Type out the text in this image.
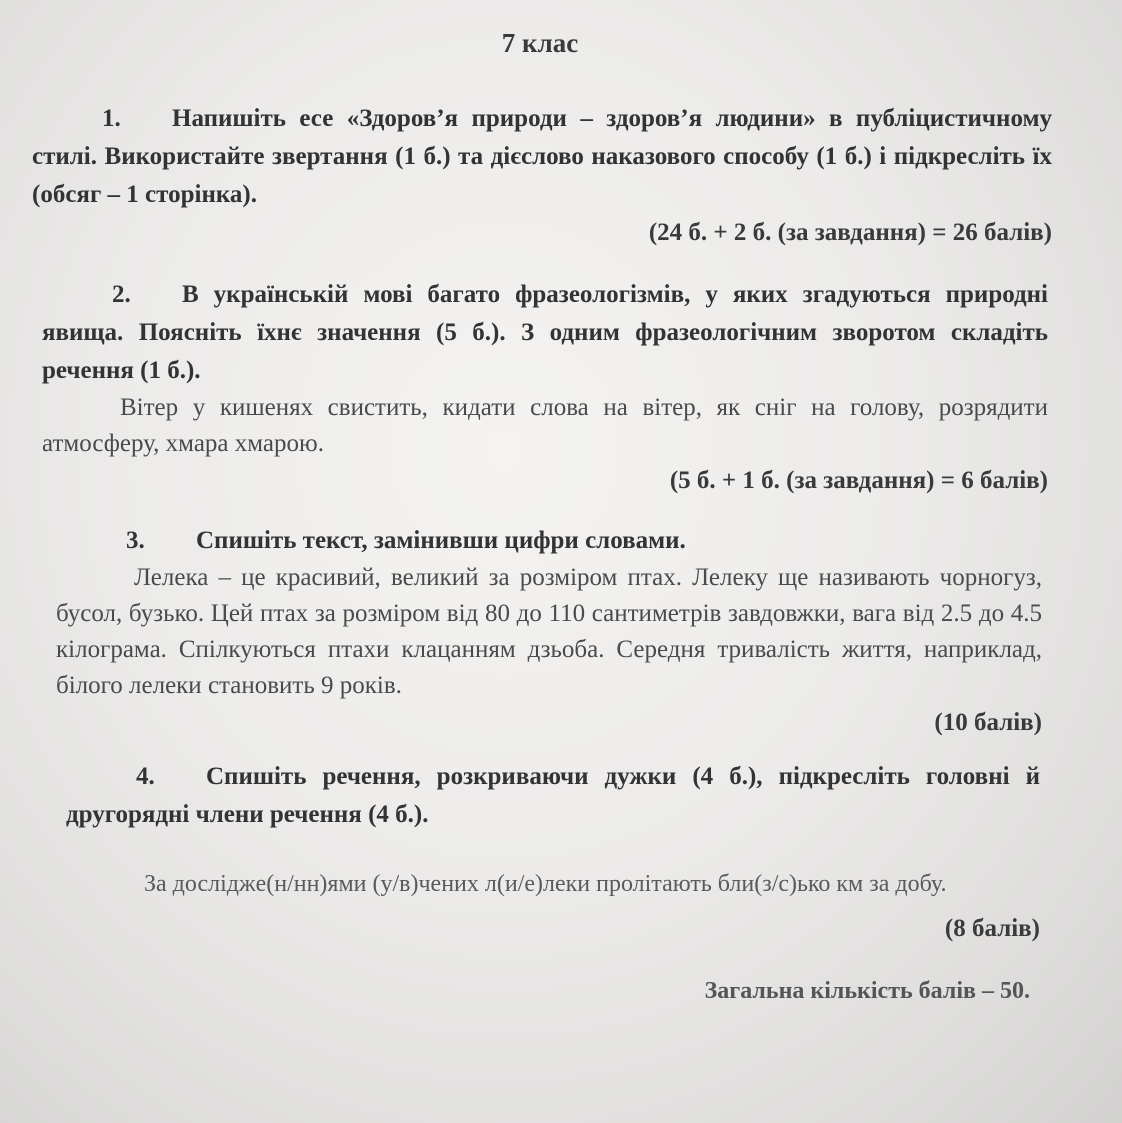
7 клас
1. Напишіть есе «Здоров’я природи – здоров’я людини» в публіцистичному стилі. Використайте звертання (1 б.) та дієслово наказового способу (1 б.) і підкресліть їх (обсяг – 1 сторінка).
(24 б. + 2 б. (за завдання) = 26 балів)
2. В українській мові багато фразеологізмів, у яких згадуються природні явища. Поясніть їхнє значення (5 б.). З одним фразеологічним зворотом складіть речення (1 б.).
Вітер у кишенях свистить, кидати слова на вітер, як сніг на голову, розрядити атмосферу, хмара хмарою.
(5 б. + 1 б. (за завдання) = 6 балів)
3. Спишіть текст, замінивши цифри словами.
Лелека – це красивий, великий за розміром птах. Лелеку ще називають чорногуз, бусол, бузько. Цей птах за розміром від 80 до 110 сантиметрів завдовжки, вага від 2.5 до 4.5 кілограма. Спілкуються птахи клацанням дзьоба. Середня тривалість життя, наприклад, білого лелеки становить 9 років.
(10 балів)
4. Спишіть речення, розкриваючи дужки (4 б.), підкресліть головні й другорядні члени речення (4 б.).
За досліджe(н/нн)ями (у/в)чених л(и/е)леки пролітають бли(з/с)ько км за добу.
(8 балів)
Загальна кількість балів – 50.
